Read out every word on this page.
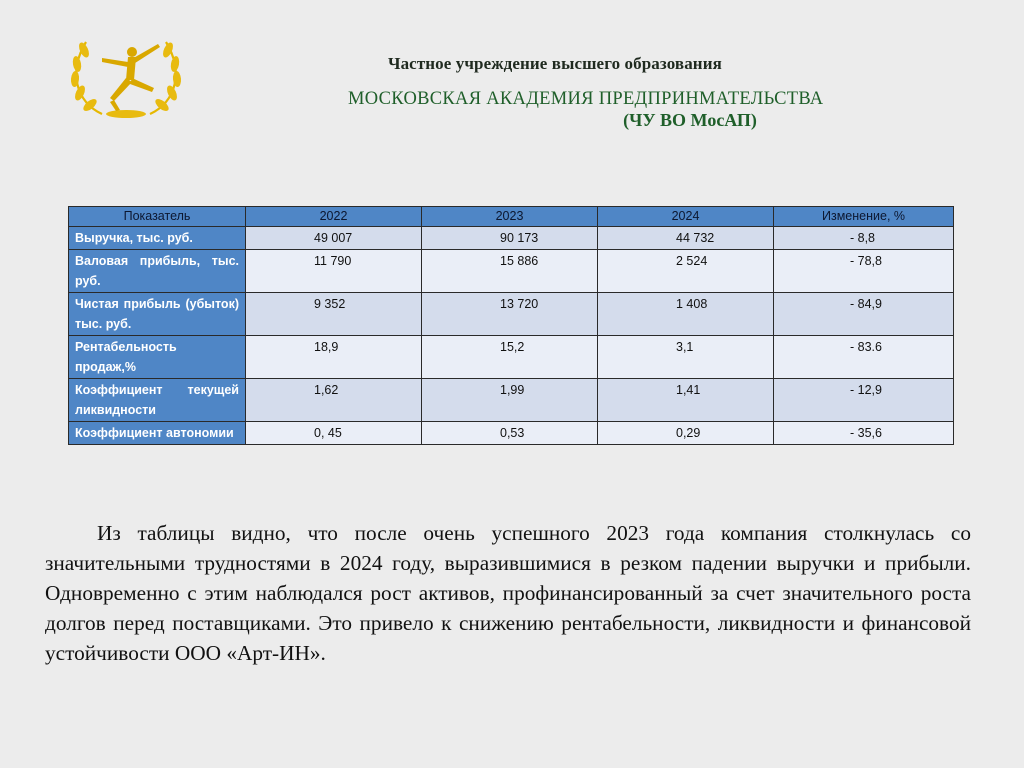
Частное учреждение высшего образования
МОСКОВСКАЯ АКАДЕМИЯ ПРЕДПРИНМАТЕЛЬСТВА
(ЧУ ВО МосАП)
Показатель	2022	2023	2024	Изменение, %
Выручка, тыс. руб.	49 007	90 173	44 732	- 8,8
Валовая прибыль, тыс. руб.	11 790	15 886	2 524	- 78,8
Чистая прибыль (убыток) тыс. руб.	9 352	13 720	1 408	- 84,9
Рентабельность продаж,%	18,9	15,2	3,1	- 83.6
Коэффициент текущей ликвидности	1,62	1,99	1,41	- 12,9
Коэффициент автономии	0, 45	0,53	0,29	- 35,6
Из таблицы видно, что после очень успешного 2023 года компания столкнулась со значительными трудностями в 2024 году, выразившимися в резком падении выручки и прибыли. Одновременно с этим наблюдался рост активов, профинансированный за счет значительного роста долгов перед поставщиками. Это привело к снижению рентабельности, ликвидности и финансовой устойчивости ООО «Арт-ИН».
